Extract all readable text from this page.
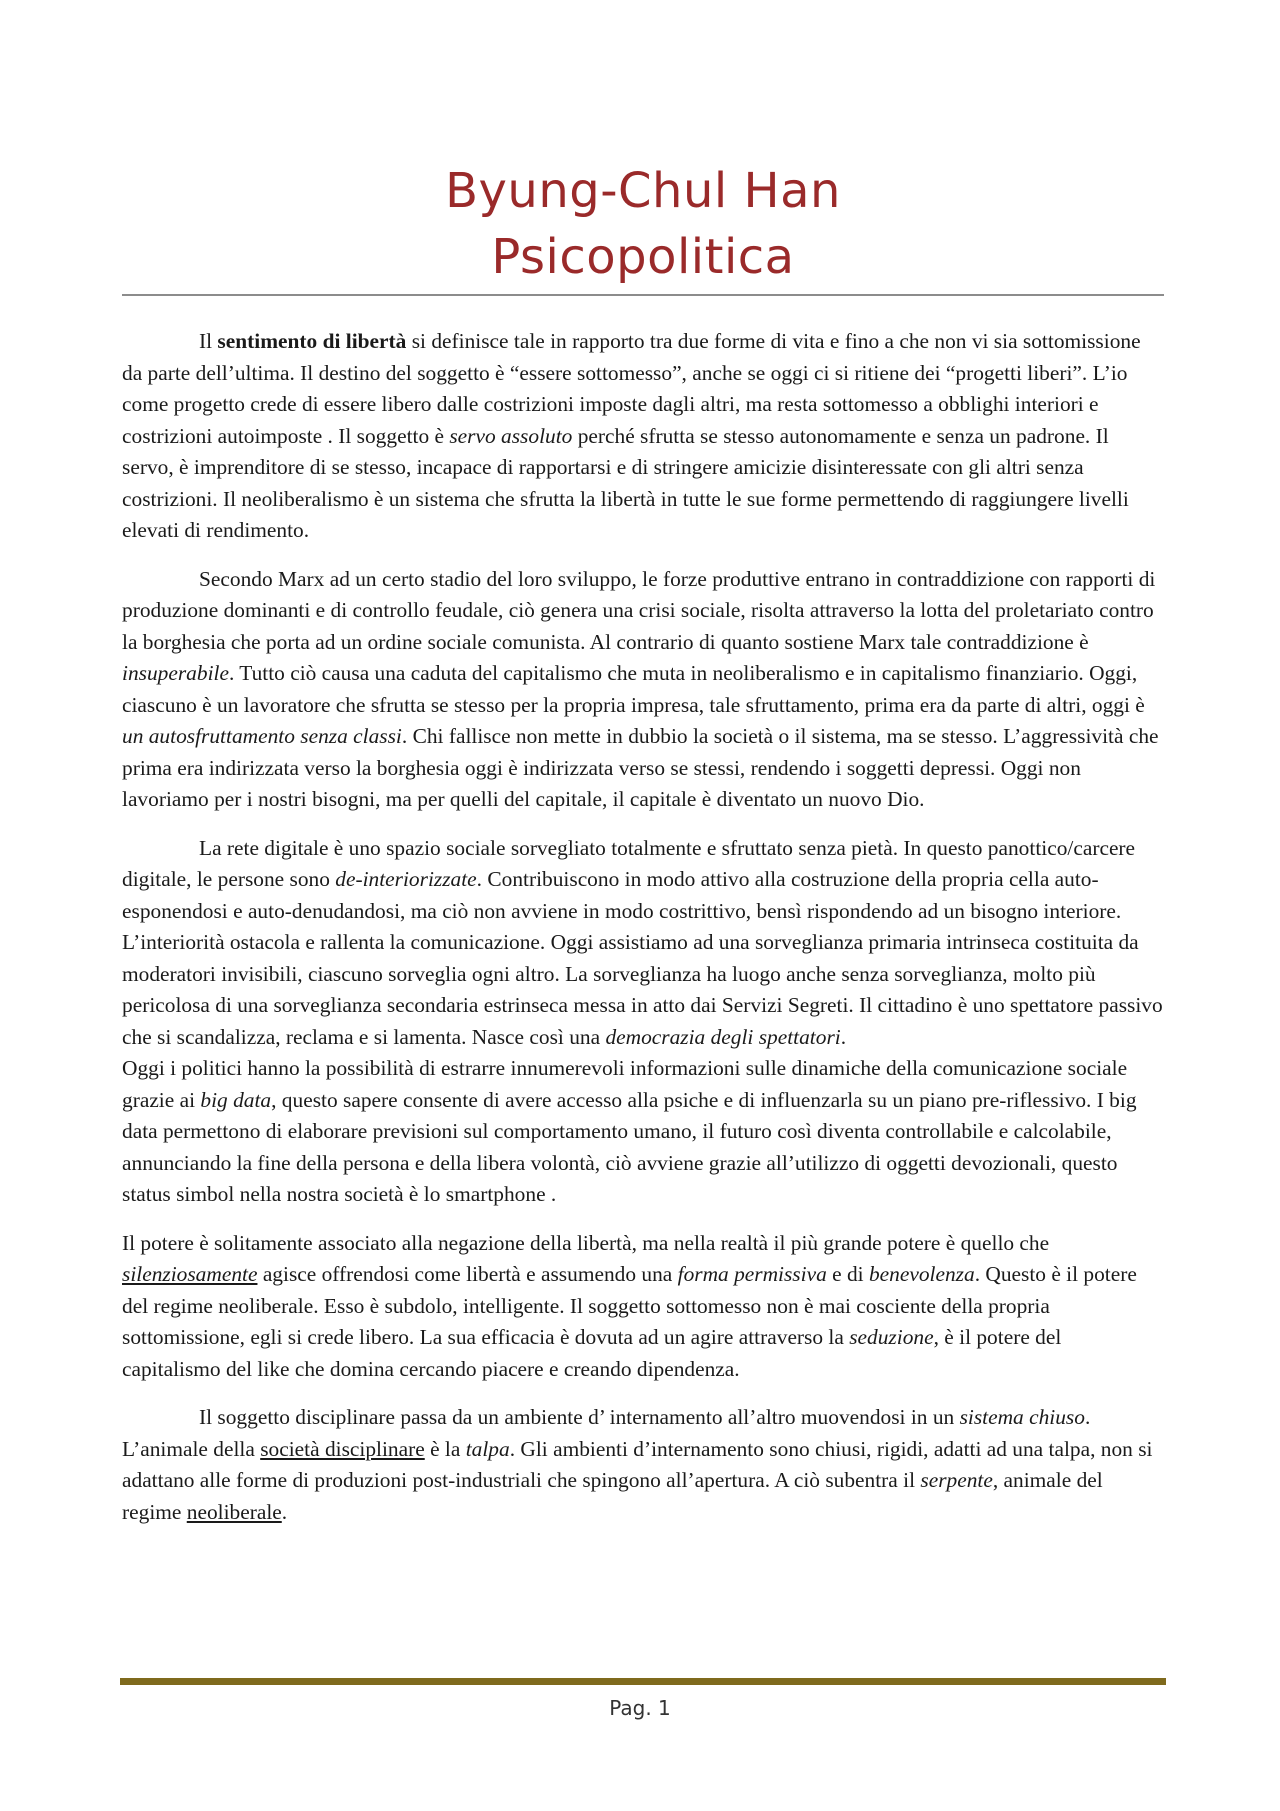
Byung-Chul Han
Psicopolitica

Il sentimento di libertà si definisce tale in rapporto tra due forme di vita e fino a che non vi sia sottomissione da parte dell’ultima. Il destino del soggetto è “essere sottomesso”, anche se oggi ci si ritiene dei “progetti liberi”. L’io come progetto crede di essere libero dalle costrizioni imposte dagli altri, ma resta sottomesso a obblighi interiori e costrizioni autoimposte . Il soggetto è servo assoluto perché sfrutta se stesso autonomamente e senza un padrone. Il servo, è imprenditore di se stesso, incapace di rapportarsi e di stringere amicizie disinteressate con gli altri senza costrizioni. Il neoliberalismo è un sistema che sfrutta la libertà in tutte le sue forme permettendo di raggiungere livelli elevati di rendimento.

Secondo Marx ad un certo stadio del loro sviluppo, le forze produttive entrano in contraddizione con rapporti di produzione dominanti e di controllo feudale, ciò genera una crisi sociale, risolta attraverso la lotta del proletariato contro la borghesia che porta ad un ordine sociale comunista. Al contrario di quanto sostiene Marx tale contraddizione è insuperabile. Tutto ciò causa una caduta del capitalismo che muta in neoliberalismo e in capitalismo finanziario. Oggi, ciascuno è un lavoratore che sfrutta se stesso per la propria impresa, tale sfruttamento, prima era da parte di altri, oggi è un autosfruttamento senza classi. Chi fallisce non mette in dubbio la società o il sistema, ma se stesso. L’aggressività che prima era indirizzata verso la borghesia oggi è indirizzata verso se stessi, rendendo i soggetti depressi. Oggi non lavoriamo per i nostri bisogni, ma per quelli del capitale, il capitale è diventato un nuovo Dio.

La rete digitale è uno spazio sociale sorvegliato totalmente e sfruttato senza pietà. In questo panottico/carcere digitale, le persone sono de-interiorizzate. Contribuiscono in modo attivo alla costruzione della propria cella auto-esponendosi e auto-denudandosi, ma ciò non avviene in modo costrittivo, bensì rispondendo ad un bisogno interiore. L’interiorità ostacola e rallenta la comunicazione. Oggi assistiamo ad una sorveglianza primaria intrinseca costituita da moderatori invisibili, ciascuno sorveglia ogni altro. La sorveglianza ha luogo anche senza sorveglianza, molto più pericolosa di una sorveglianza secondaria estrinseca messa in atto dai Servizi Segreti. Il cittadino è uno spettatore passivo che si scandalizza, reclama e si lamenta. Nasce così una democrazia degli spettatori.

Oggi i politici hanno la possibilità di estrarre innumerevoli informazioni sulle dinamiche della comunicazione sociale grazie ai big data, questo sapere consente di avere accesso alla psiche e di influenzarla su un piano pre-riflessivo. I big data permettono di elaborare previsioni sul comportamento umano, il futuro così diventa controllabile e calcolabile, annunciando la fine della persona e della libera volontà, ciò avviene grazie all’utilizzo di oggetti devozionali, questo status simbol nella nostra società è lo smartphone .

Il potere è solitamente associato alla negazione della libertà, ma nella realtà il più grande potere è quello che silenziosamente agisce offrendosi come libertà e assumendo una forma permissiva e di benevolenza. Questo è il potere del regime neoliberale. Esso è subdolo, intelligente. Il soggetto sottomesso non è mai cosciente della propria sottomissione, egli si crede libero. La sua efficacia è dovuta ad un agire attraverso la seduzione, è il potere del capitalismo del like che domina cercando piacere e creando dipendenza.

Il soggetto disciplinare passa da un ambiente d’ internamento all’altro muovendosi in un sistema chiuso. L’animale della società disciplinare è la talpa. Gli ambienti d’internamento sono chiusi, rigidi, adatti ad una talpa, non si adattano alle forme di produzioni post-industriali che spingono all’apertura. A ciò subentra il serpente, animale del regime neoliberale.

Pag. 1
